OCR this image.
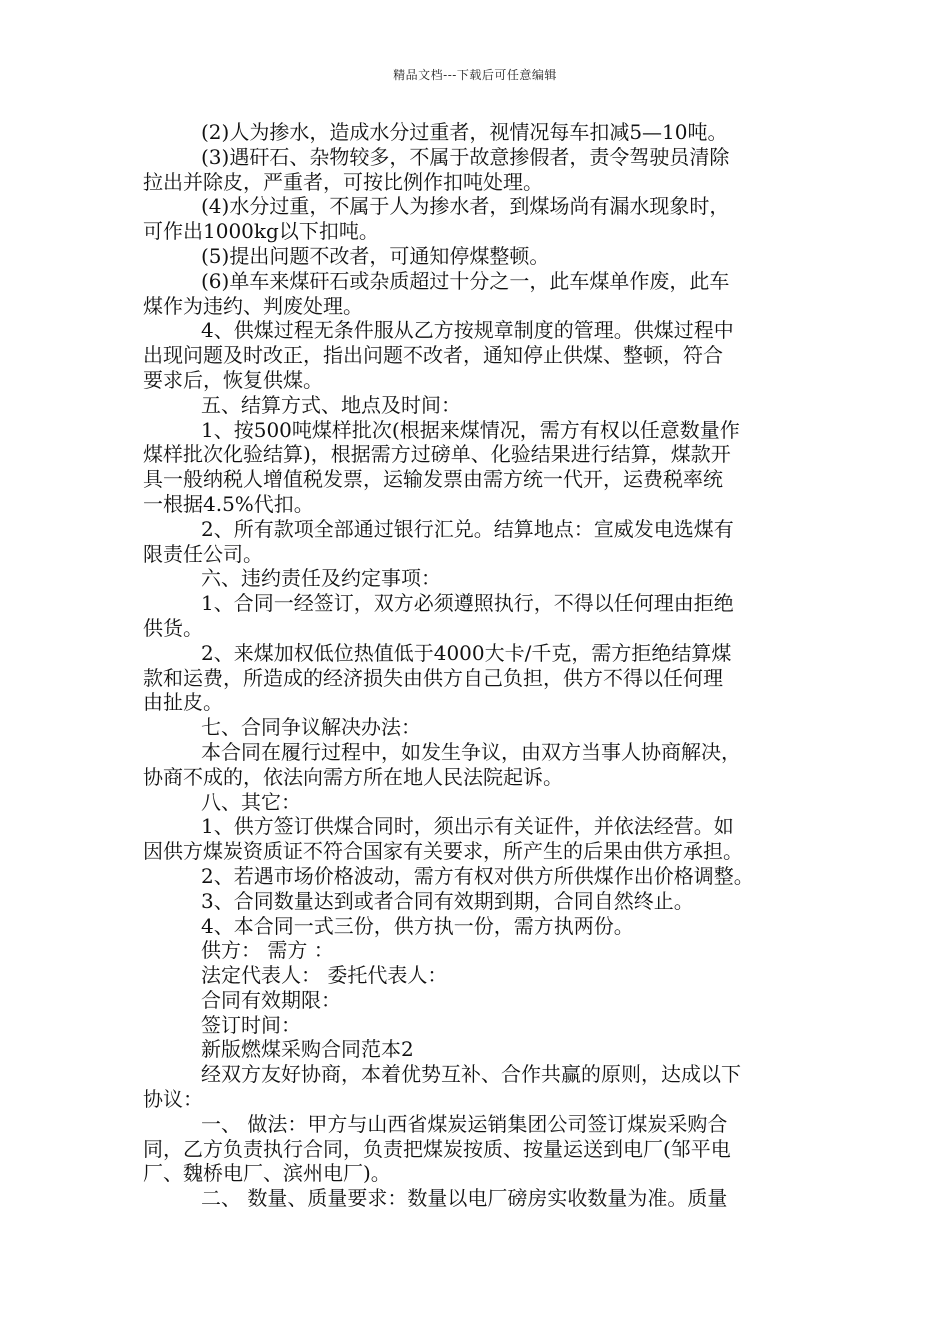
精品文档---下载后可任意编辑
(2)人为掺水，造成水分过重者，视情况每车扣减5—10吨。
(3)遇矸石、杂物较多，不属于故意掺假者，责令驾驶员清除
拉出并除皮，严重者，可按比例作扣吨处理。
(4)水分过重，不属于人为掺水者，到煤场尚有漏水现象时，
可作出1000kg以下扣吨。
(5)提出问题不改者，可通知停煤整顿。
(6)单车来煤矸石或杂质超过十分之一，此车煤单作废，此车
煤作为违约、判废处理。
4、供煤过程无条件服从乙方按规章制度的管理。供煤过程中
出现问题及时改正，指出问题不改者，通知停止供煤、整顿，符合
要求后，恢复供煤。
五、结算方式、地点及时间：
1、按500吨煤样批次(根据来煤情况，需方有权以任意数量作
煤样批次化验结算)，根据需方过磅单、化验结果进行结算，煤款开
具一般纳税人增值税发票，运输发票由需方统一代开，运费税率统
一根据4.5%代扣。
2、所有款项全部通过银行汇兑。结算地点：宣威发电选煤有
限责任公司。
六、违约责任及约定事项：
1、合同一经签订，双方必须遵照执行，不得以任何理由拒绝
供货。
2、来煤加权低位热值低于4000大卡/千克，需方拒绝结算煤
款和运费，所造成的经济损失由供方自己负担，供方不得以任何理
由扯皮。
七、合同争议解决办法：
本合同在履行过程中，如发生争议，由双方当事人协商解决，
协商不成的，依法向需方所在地人民法院起诉。
八、其它：
1、供方签订供煤合同时，须出示有关证件，并依法经营。如
因供方煤炭资质证不符合国家有关要求，所产生的后果由供方承担。
2、若遇市场价格波动，需方有权对供方所供煤作出价格调整。
3、合同数量达到或者合同有效期到期，合同自然终止。
4、本合同一式三份，供方执一份，需方执两份。
供方： 需方 ：
法定代表人： 委托代表人：
合同有效期限：
签订时间：
新版燃煤采购合同范本2
经双方友好协商，本着优势互补、合作共赢的原则，达成以下
协议：
一、 做法：甲方与山西省煤炭运销集团公司签订煤炭采购合
同，乙方负责执行合同，负责把煤炭按质、按量运送到电厂(邹平电
厂、魏桥电厂、滨州电厂)。
二、 数量、质量要求：数量以电厂磅房实收数量为准。质量
